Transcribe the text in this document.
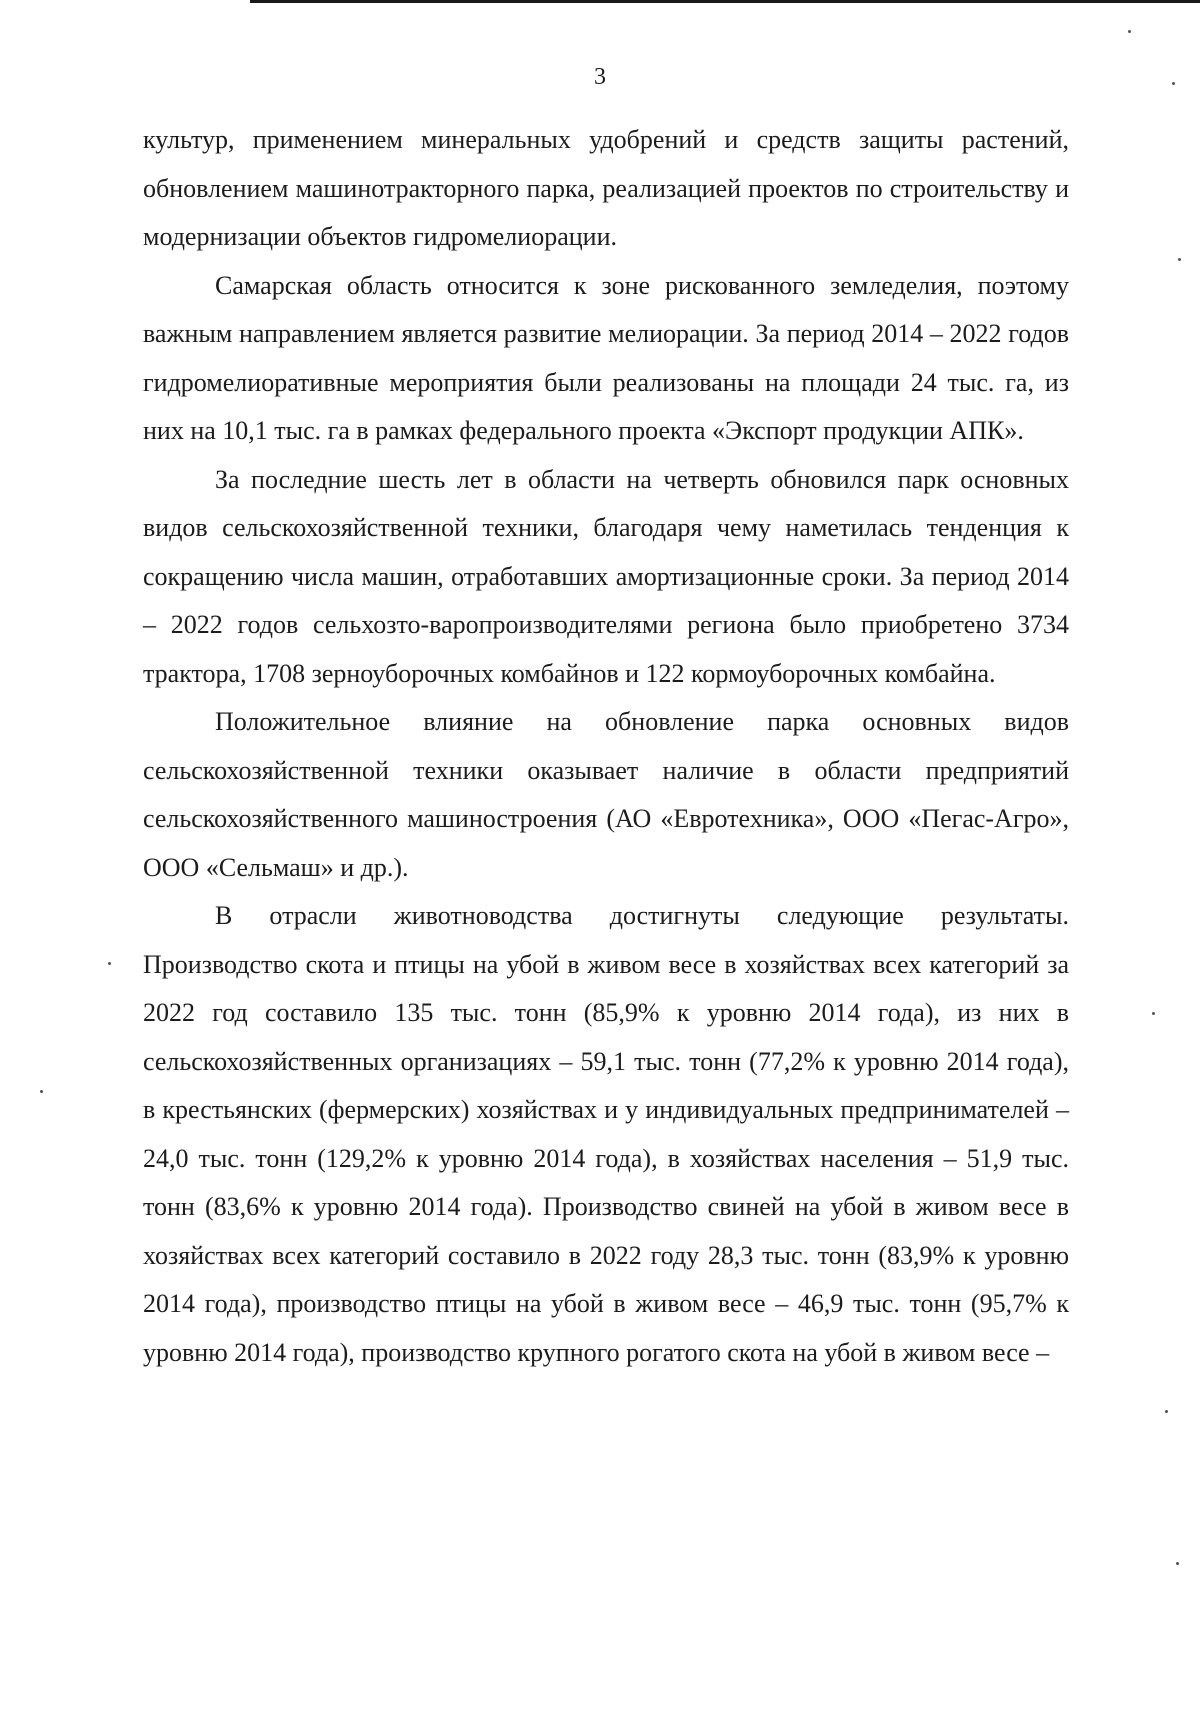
3

культур, применением минеральных удобрений и средств защиты растений, обновлением машинотракторного парка, реализацией проектов по строительству и модернизации объектов гидромелиорации.

Самарская область относится к зоне рискованного земледелия, поэтому важным направлением является развитие мелиорации. За период 2014 – 2022 годов гидромелиоративные мероприятия были реализованы на площади 24 тыс. га, из них на 10,1 тыс. га в рамках федерального проекта «Экспорт продукции АПК».

За последние шесть лет в области на четверть обновился парк основных видов сельскохозяйственной техники, благодаря чему наметилась тенденция к сокращению числа машин, отработавших амортизационные сроки. За период 2014 – 2022 годов сельхозто-варопроизводителями региона было приобретено 3734 трактора, 1708 зерноуборочных комбайнов и 122 кормоуборочных комбайна.

Положительное влияние на обновление парка основных видов сельскохозяйственной техники оказывает наличие в области предприятий сельскохозяйственного машиностроения (АО «Евротехника», ООО «Пегас-Агро», ООО «Сельмаш» и др.).

В отрасли животноводства достигнуты следующие результаты. Производство скота и птицы на убой в живом весе в хозяйствах всех категорий за 2022 год составило 135 тыс. тонн (85,9% к уровню 2014 года), из них в сельскохозяйственных организациях – 59,1 тыс. тонн (77,2% к уровню 2014 года), в крестьянских (фермерских) хозяйствах и у индивидуальных предпринимателей – 24,0 тыс. тонн (129,2% к уровню 2014 года), в хозяйствах населения – 51,9 тыс. тонн (83,6% к уровню 2014 года). Производство свиней на убой в живом весе в хозяйствах всех категорий составило в 2022 году 28,3 тыс. тонн (83,9% к уровню 2014 года), производство птицы на убой в живом весе – 46,9 тыс. тонн (95,7% к уровню 2014 года), производство крупного рогатого скота на убой в живом весе –
